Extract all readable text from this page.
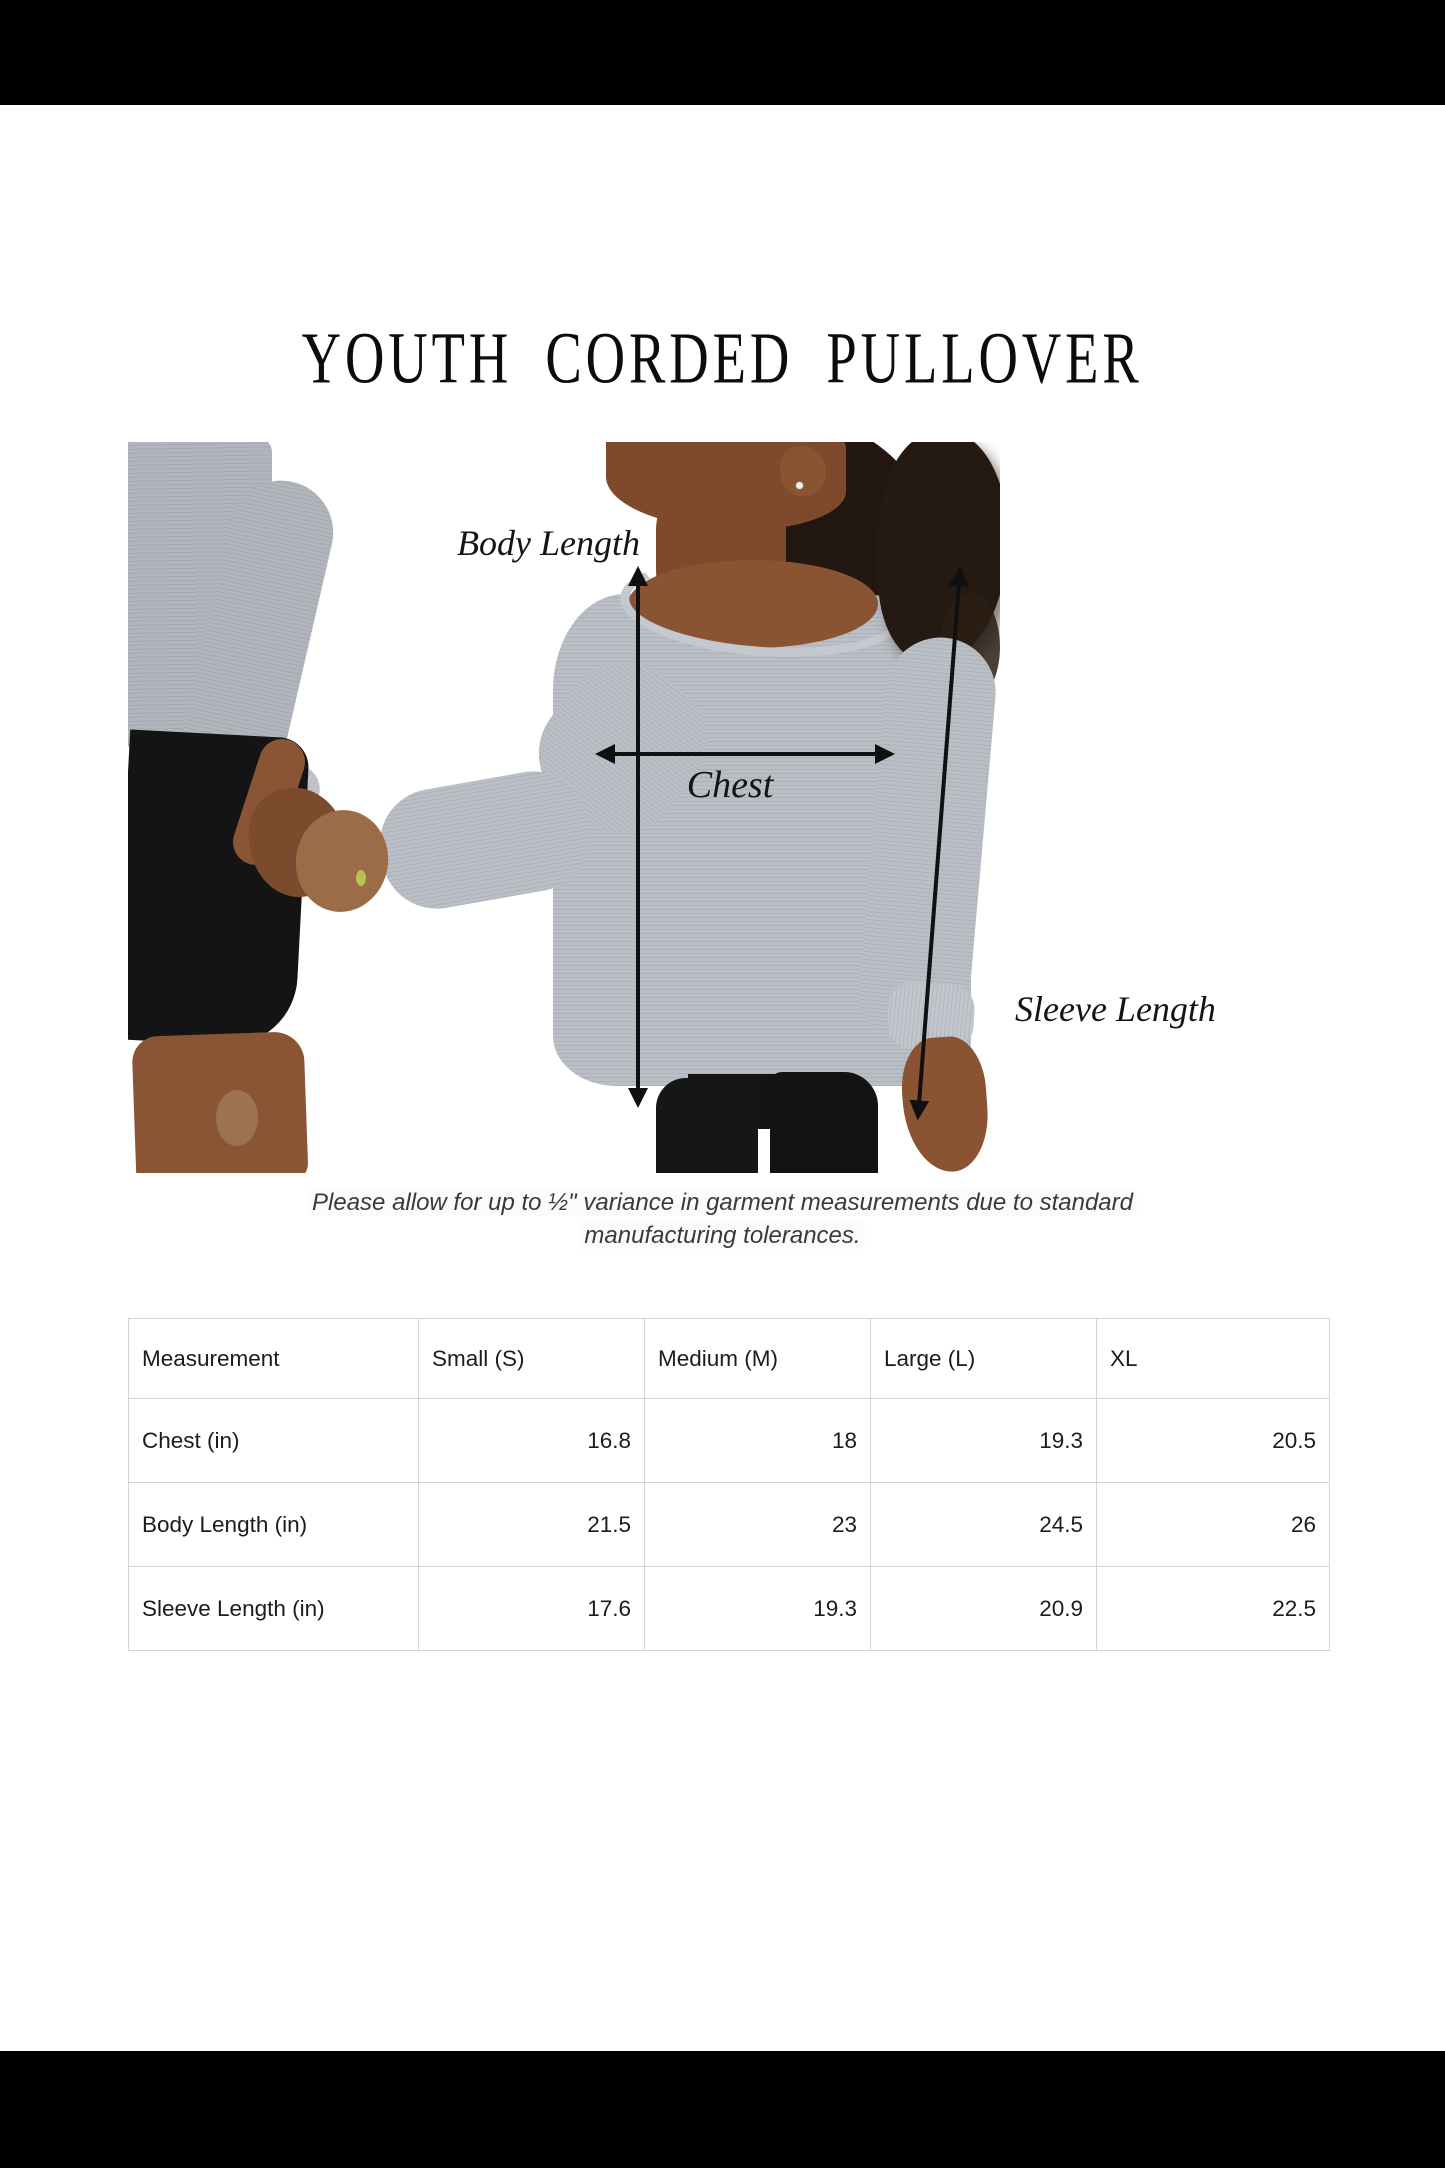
YOUTH CORDED PULLOVER
Body Length
Chest
Sleeve Length
Please allow for up to ½" variance in garment measurements due to standard
manufacturing tolerances.
Measurement	Small (S)	Medium (M)	Large (L)	XL
Chest (in)	16.8	18	19.3	20.5
Body Length (in)	21.5	23	24.5	26
Sleeve Length (in)	17.6	19.3	20.9	22.5
